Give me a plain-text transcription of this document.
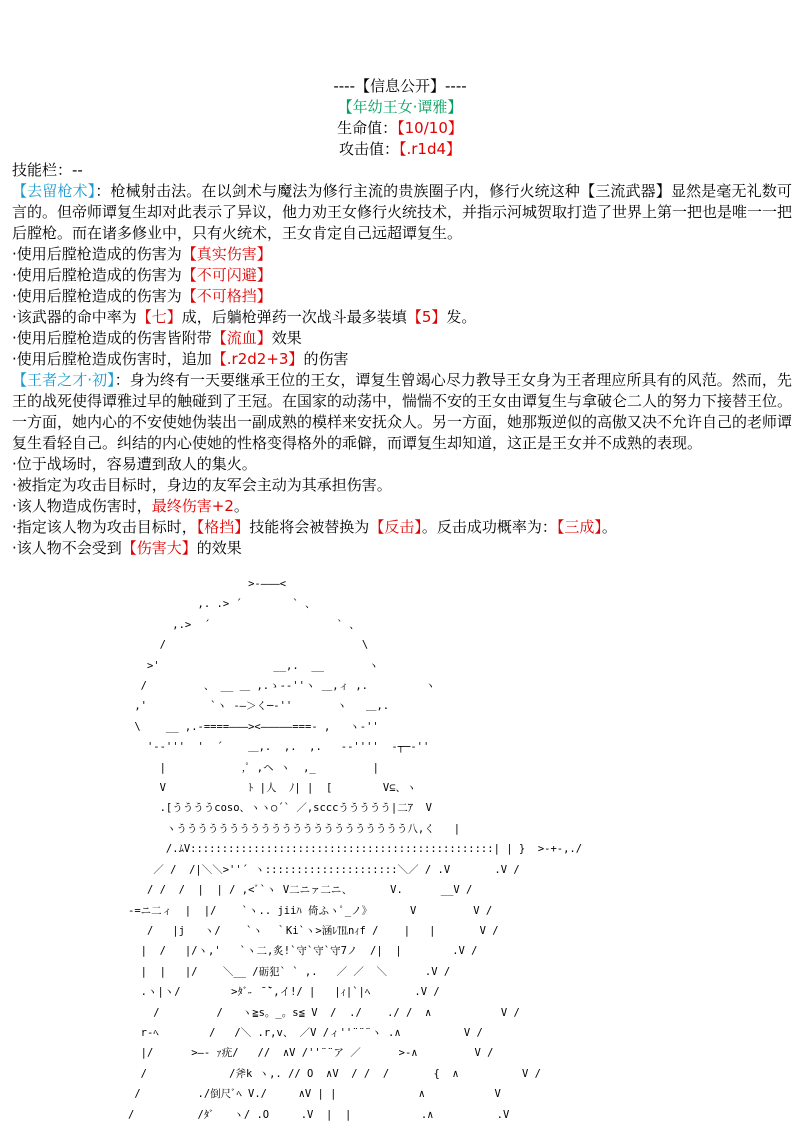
----【信息公开】----
【年幼王女·谭雅】
生命值：【10/10】
攻击值：【.r1d4】

技能栏：--

【去留枪术】：枪械射击法。在以剑术与魔法为修行主流的贵族圈子内，修行火统这种【三流武器】显然是毫无礼数可言的。但帝师谭复生却对此表示了异议，他力劝王女修行火统技术，并指示河城贺取打造了世界上第一把也是唯一一把后膛枪。而在诸多修业中，只有火统术，王女肯定自己远超谭复生。

·使用后膛枪造成的伤害为【真实伤害】

·使用后膛枪造成的伤害为【不可闪避】

·使用后膛枪造成的伤害为【不可格挡】

·该武器的命中率为【七】成，后躺枪弹药一次战斗最多装填【5】发。

·使用后膛枪造成的伤害皆附带【流血】效果

·使用后膛枪造成伤害时，追加【.r2d2+3】的伤害

【王者之才·初】：身为终有一天要继承王位的王女，谭复生曾竭心尽力教导王女身为王者理应所具有的风范。然而，先王的战死使得谭雅过早的触碰到了王冠。在国家的动荡中，惴惴不安的王女由谭复生与拿破仑二人的努力下接替王位。一方面，她内心的不安使她伪装出一副成熟的模样来安抚众人。另一方面，她那叛逆似的高傲又决不允许自己的老师谭复生看轻自己。纠结的内心使她的性格变得格外的乖僻，而谭复生却知道，这正是王女并不成熟的表现。

·位于战场时，容易遭到敌人的集火。

·被指定为攻击目标时，身边的友军会主动为其承担伤害。

·该人物造成伤害时，最终伤害+2。

·指定该人物为攻击目标时，【格挡】技能将会被替换为【反击】。反击成功概率为：【三成】。

·该人物不会受到【伤害大】的效果

>-―――<
,. .> ´        ` 、
,.>  ´                    ` 、
/                               \
>'                  __,.  __       ヽ
/         、 __ ＿ ,.ゝ-‐''ヽ ＿,ィ ,.         ヽ
,'          `ヽ -―＞く─‐''       ヽ   ＿,.
\    __ ,.-====―――><―――――===- ,   ヽ‐''
'‐-'''  '  ´    ＿,.  ,.  ,.   -‐''''  ‐┬─‐''
|            ,ﾟ ,ヘ ヽ  ,_         |
V             ﾄ |人  ﾉ| |  [        V⊆、ヽ
.[ううううcoso、ヽヽ○´` ／,scccううううう|二ｱ  V
ヽうううううううううううううううううううううう八,く   |
/.ﾑV::::::::::::::::::::::::::::::::::::::::::::::::| | }  >-+‐,./
／ /  /|＼＼>''´ ヽ:::::::::::::::::::::＼／ / .V       .V /
/ /  /  |  | / ,<ﾞ`ヽ V二ニァ二ニ、      V.      __V /
-=ニ二ィ  |  |/    `ヽ.. jiiﾊ 倚ふヽﾟ_ノ》      V         V /
/   |j   ヽ/    `ヽ  ｀Ki`ヽ>涵ﾚ℡nｨf /    |   |       V /
|  /   |/ヽ,'   `ヽ二,炙!`守`守`守7ノ  /|  |        .V /
|  |   |/    ＼__ /砺犯` ` ,.   ／ ／  ＼      .V /
.ヽ|ヽ/        >ﾀﾞ˶ ̄ ̄`,イ!/ |   |ｨ|`|ﾍ       .V /
/         /   ヽ≧s。_。s≦ V  /  ./    ./ /  ∧           V /
r-ﾍ        /   /＼ .r,v、 ／V /ィ''¨¨¨ヽ .∧          V /
|/      >―‐ ｧ疣/   //  ∧V /''¨¨ア ／      >-∧         V /
/             /斧k ヽ,. // O  ∧V  / /  /       {  ∧          V /
/         ./倒尺ﾞﾍ V./     ∧V | |             ∧           V
/          /ﾀﾞ   ヽ/ .O     .V  |  |           .∧          .V
